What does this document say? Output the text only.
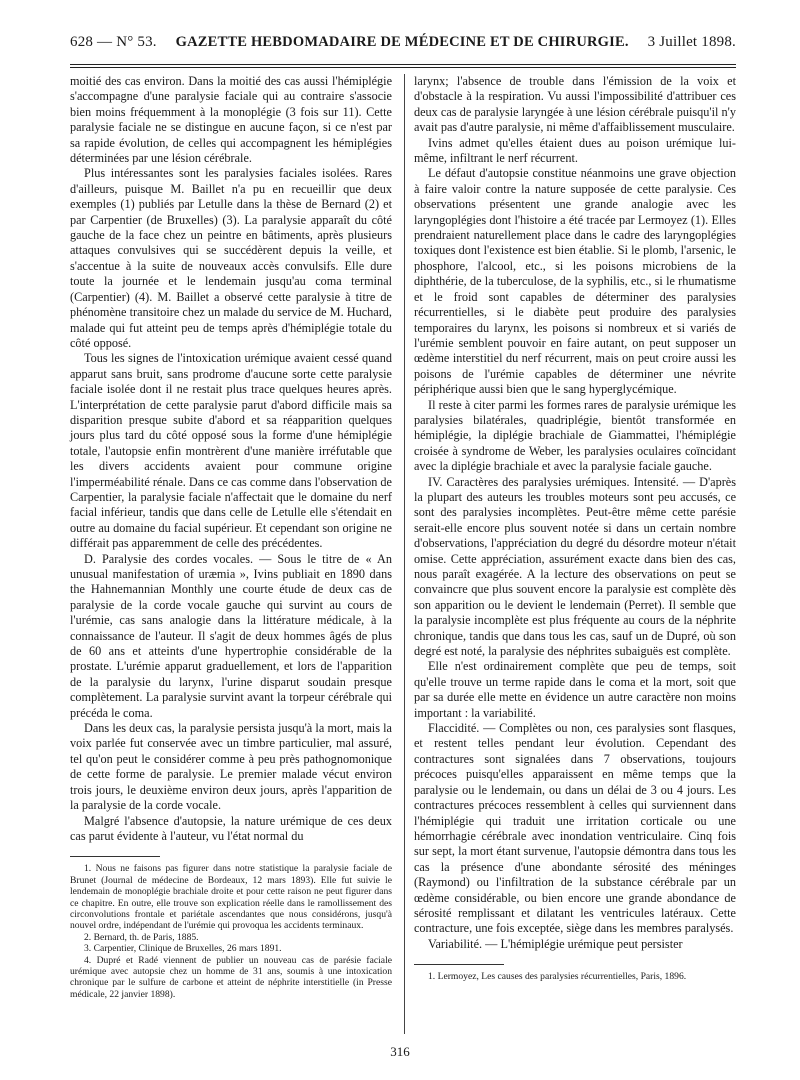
628 — N° 53. GAZETTE HEBDOMADAIRE DE MÉDECINE ET DE CHIRURGIE. 3 Juillet 1898.

moitié des cas environ. Dans la moitié des cas aussi l'hémiplégie s'accompagne d'une paralysie faciale qui au contraire s'associe bien moins fréquemment à la monoplégie (3 fois sur 11). Cette paralysie faciale ne se distingue en aucune façon, si ce n'est par sa rapide évolution, de celles qui accompagnent les hémiplégies déterminées par une lésion cérébrale.

Plus intéressantes sont les paralysies faciales isolées. Rares d'ailleurs, puisque M. Baillet n'a pu en recueillir que deux exemples (1) publiés par Letulle dans la thèse de Bernard (2) et par Carpentier (de Bruxelles) (3). La paralysie apparaît du côté gauche de la face chez un peintre en bâtiments, après plusieurs attaques convulsives qui se succédèrent depuis la veille, et s'accentue à la suite de nouveaux accès convulsifs. Elle dure toute la journée et le lendemain jusqu'au coma terminal (Carpentier) (4). M. Baillet a observé cette paralysie à titre de phénomène transitoire chez un malade du service de M. Huchard, malade qui fut atteint peu de temps après d'hémiplégie totale du côté opposé.

Tous les signes de l'intoxication urémique avaient cessé quand apparut sans bruit, sans prodrome d'aucune sorte cette paralysie faciale isolée dont il ne restait plus trace quelques heures après. L'interprétation de cette paralysie parut d'abord difficile mais sa disparition presque subite d'abord et sa réapparition quelques jours plus tard du côté opposé sous la forme d'une hémiplégie totale, l'autopsie enfin montrèrent d'une manière irréfutable que les divers accidents avaient pour commune origine l'imperméabilité rénale. Dans ce cas comme dans l'observation de Carpentier, la paralysie faciale n'affectait que le domaine du nerf facial inférieur, tandis que dans celle de Letulle elle s'étendait en outre au domaine du facial supérieur. Et cependant son origine ne différait pas apparemment de celle des précédentes.

D. Paralysie des cordes vocales. — Sous le titre de « An unusual manifestation of uræmia », Ivins publiait en 1890 dans the Hahnemannian Monthly une courte étude de deux cas de paralysie de la corde vocale gauche qui survint au cours de l'urémie, cas sans analogie dans la littérature médicale, à la connaissance de l'auteur. Il s'agit de deux hommes âgés de plus de 60 ans et atteints d'une hypertrophie considérable de la prostate. L'urémie apparut graduellement, et lors de l'apparition de la paralysie du larynx, l'urine disparut soudain presque complètement. La paralysie survint avant la torpeur cérébrale qui précéda le coma.

Dans les deux cas, la paralysie persista jusqu'à la mort, mais la voix parlée fut conservée avec un timbre particulier, mal assuré, tel qu'on peut le considérer comme à peu près pathognomonique de cette forme de paralysie. Le premier malade vécut environ trois jours, le deuxième environ deux jours, après l'apparition de la paralysie de la corde vocale.

Malgré l'absence d'autopsie, la nature urémique de ces deux cas parut évidente à l'auteur, vu l'état normal du

1. Nous ne faisons pas figurer dans notre statistique la paralysie faciale de Brunet (Journal de médecine de Bordeaux, 12 mars 1893). Elle fut suivie le lendemain de monoplégie brachiale droite et pour cette raison ne peut figurer dans ce chapitre. En outre, elle trouve son explication réelle dans le ramollissement des circonvolutions frontale et pariétale ascendantes que nous considérons, jusqu'à nouvel ordre, indépendant de l'urémie qui provoqua les accidents terminaux.

2. Bernard, th. de Paris, 1885.

3. Carpentier, Clinique de Bruxelles, 26 mars 1891.

4. Dupré et Radé viennent de publier un nouveau cas de parésie faciale urémique avec autopsie chez un homme de 31 ans, soumis à une intoxication chronique par le sulfure de carbone et atteint de néphrite interstitielle (in Presse médicale, 22 janvier 1898).

larynx; l'absence de trouble dans l'émission de la voix et d'obstacle à la respiration. Vu aussi l'impossibilité d'attribuer ces deux cas de paralysie laryngée à une lésion cérébrale puisqu'il n'y avait pas d'autre paralysie, ni même d'affaiblissement musculaire.

Ivins admet qu'elles étaient dues au poison urémique lui-même, infiltrant le nerf récurrent.

Le défaut d'autopsie constitue néanmoins une grave objection à faire valoir contre la nature supposée de cette paralysie. Ces observations présentent une grande analogie avec les laryngoplégies dont l'histoire a été tracée par Lermoyez (1). Elles prendraient naturellement place dans le cadre des laryngoplégies toxiques dont l'existence est bien établie. Si le plomb, l'arsenic, le phosphore, l'alcool, etc., si les poisons microbiens de la diphthérie, de la tuberculose, de la syphilis, etc., si le rhumatisme et le froid sont capables de déterminer des paralysies récurrentielles, si le diabète peut produire des paralysies temporaires du larynx, les poisons si nombreux et si variés de l'urémie semblent pouvoir en faire autant, on peut supposer un œdème interstitiel du nerf récurrent, mais on peut croire aussi les poisons de l'urémie capables de déterminer une névrite périphérique aussi bien que le sang hyperglycémique.

Il reste à citer parmi les formes rares de paralysie urémique les paralysies bilatérales, quadriplégie, bientôt transformée en hémiplégie, la diplégie brachiale de Giammattei, l'hémiplégie croisée à syndrome de Weber, les paralysies oculaires coïncidant avec la diplégie brachiale et avec la paralysie faciale gauche.

IV. Caractères des paralysies urémiques. Intensité. — D'après la plupart des auteurs les troubles moteurs sont peu accusés, ce sont des paralysies incomplètes. Peut-être même cette parésie serait-elle encore plus souvent notée si dans un certain nombre d'observations, l'appréciation du degré du désordre moteur n'était omise. Cette appréciation, assurément exacte dans bien des cas, nous paraît exagérée. A la lecture des observations on peut se convaincre que plus souvent encore la paralysie est complète dès son apparition ou le devient le lendemain (Perret). Il semble que la paralysie incomplète est plus fréquente au cours de la néphrite chronique, tandis que dans tous les cas, sauf un de Dupré, où son degré est noté, la paralysie des néphrites subaiguës est complète.

Elle n'est ordinairement complète que peu de temps, soit qu'elle trouve un terme rapide dans le coma et la mort, soit que par sa durée elle mette en évidence un autre caractère non moins important : la variabilité.

Flaccidité. — Complètes ou non, ces paralysies sont flasques, et restent telles pendant leur évolution. Cependant des contractures sont signalées dans 7 observations, toujours précoces puisqu'elles apparaissent en même temps que la paralysie ou le lendemain, ou dans un délai de 3 ou 4 jours. Les contractures précoces ressemblent à celles qui surviennent dans l'hémiplégie qui traduit une irritation corticale ou une hémorrhagie cérébrale avec inondation ventriculaire. Cinq fois sur sept, la mort étant survenue, l'autopsie démontra dans tous les cas la présence d'une abondante sérosité des méninges (Raymond) ou l'infiltration de la substance cérébrale par un œdème considérable, ou bien encore une grande abondance de sérosité remplissant et dilatant les ventricules latéraux. Cette contracture, une fois exceptée, siège dans les membres paralysés.

Variabilité. — L'hémiplégie urémique peut persister

1. Lermoyez, Les causes des paralysies récurrentielles, Paris, 1896.

316
